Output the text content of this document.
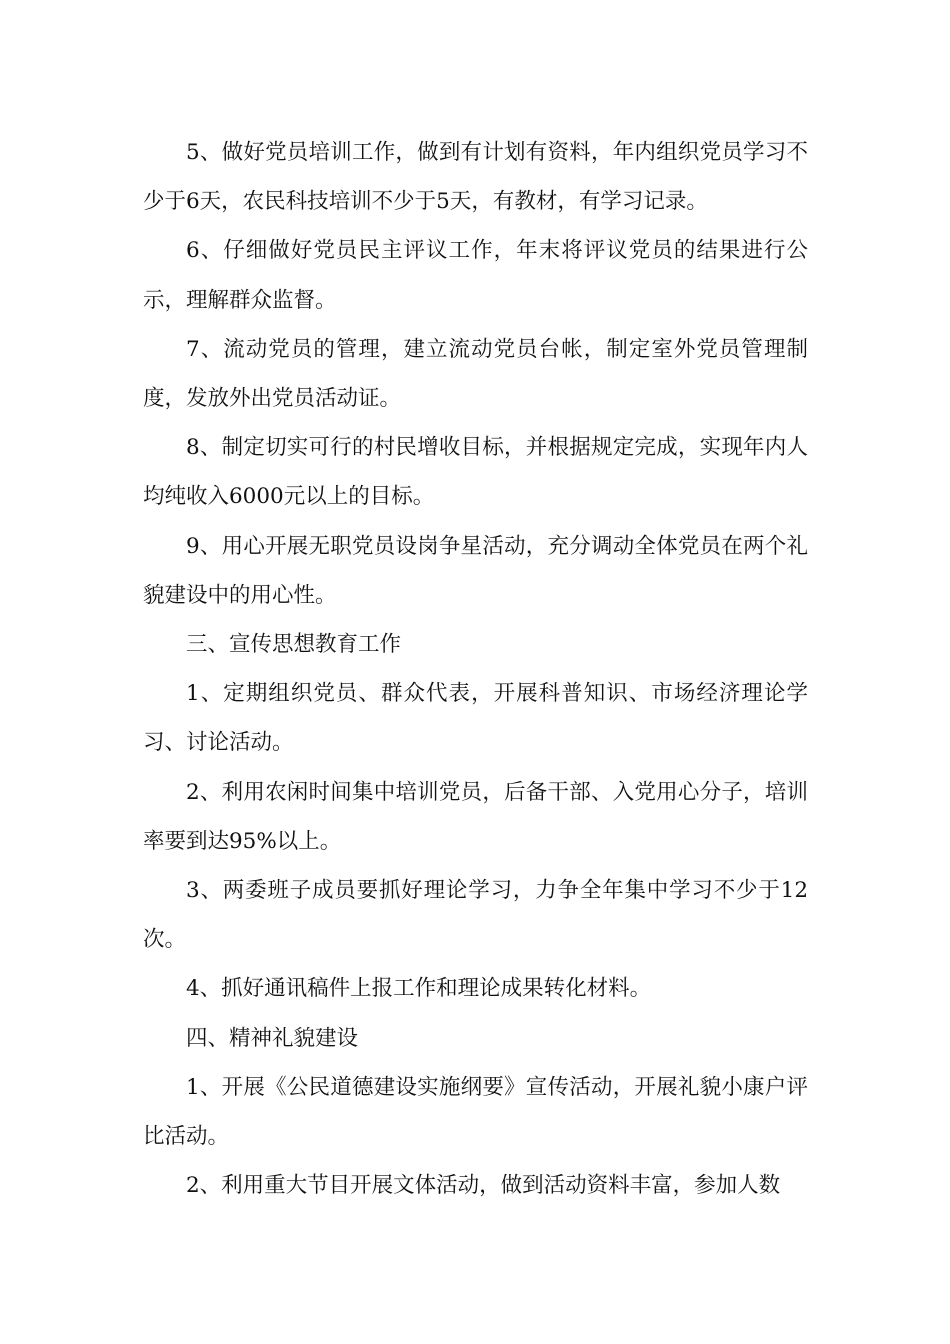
5、做好党员培训工作，做到有计划有资料，年内组织党员学习不少于6天，农民科技培训不少于5天，有教材，有学习记录。

6、仔细做好党员民主评议工作，年末将评议党员的结果进行公示，理解群众监督。

7、流动党员的管理，建立流动党员台帐，制定室外党员管理制度，发放外出党员活动证。

8、制定切实可行的村民增收目标，并根据规定完成，实现年内人均纯收入6000元以上的目标。

9、用心开展无职党员设岗争星活动，充分调动全体党员在两个礼貌建设中的用心性。

三、宣传思想教育工作

1、定期组织党员、群众代表，开展科普知识、市场经济理论学习、讨论活动。

2、利用农闲时间集中培训党员，后备干部、入党用心分子，培训率要到达95%以上。

3、两委班子成员要抓好理论学习，力争全年集中学习不少于12次。

4、抓好通讯稿件上报工作和理论成果转化材料。

四、精神礼貌建设

1、开展《公民道德建设实施纲要》宣传活动，开展礼貌小康户评比活动。

2、利用重大节目开展文体活动，做到活动资料丰富，参加人数
